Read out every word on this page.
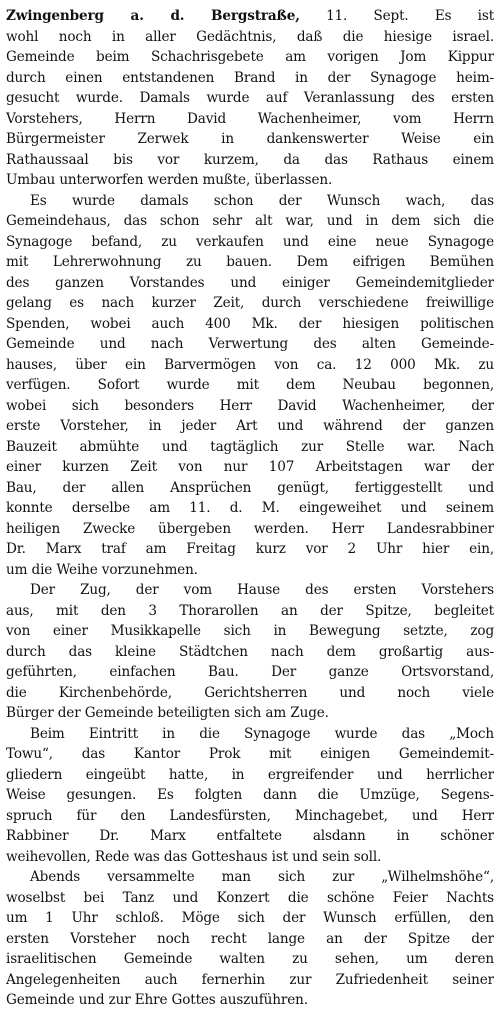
Zwingenberg a. d. Bergstraße, 11. Sept. Es ist
wohl noch in aller Gedächtnis, daß die hiesige israel.
Gemeinde beim Schachrisgebete am vorigen Jom Kippur
durch einen entstandenen Brand in der Synagoge heim-
gesucht wurde. Damals wurde auf Veranlassung des ersten
Vorstehers, Herrn David Wachenheimer, vom Herrn
Bürgermeister Zerwek in dankenswerter Weise ein
Rathaussaal bis vor kurzem, da das Rathaus einem
Umbau unterworfen werden mußte, überlassen.
Es wurde damals schon der Wunsch wach, das
Gemeindehaus, das schon sehr alt war, und in dem sich die
Synagoge befand, zu verkaufen und eine neue Synagoge
mit Lehrerwohnung zu bauen. Dem eifrigen Bemühen
des ganzen Vorstandes und einiger Gemeindemitglieder
gelang es nach kurzer Zeit, durch verschiedene freiwillige
Spenden, wobei auch 400 Mk. der hiesigen politischen
Gemeinde und nach Verwertung des alten Gemeinde-
hauses, über ein Barvermögen von ca. 12 000 Mk. zu
verfügen. Sofort wurde mit dem Neubau begonnen,
wobei sich besonders Herr David Wachenheimer, der
erste Vorsteher, in jeder Art und während der ganzen
Bauzeit abmühte und tagtäglich zur Stelle war. Nach
einer kurzen Zeit von nur 107 Arbeitstagen war der
Bau, der allen Ansprüchen genügt, fertiggestellt und
konnte derselbe am 11. d. M. eingeweihet und seinem
heiligen Zwecke übergeben werden. Herr Landesrabbiner
Dr. Marx traf am Freitag kurz vor 2 Uhr hier ein,
um die Weihe vorzunehmen.
Der Zug, der vom Hause des ersten Vorstehers
aus, mit den 3 Thorarollen an der Spitze, begleitet
von einer Musikkapelle sich in Bewegung setzte, zog
durch das kleine Städtchen nach dem großartig aus-
geführten, einfachen Bau. Der ganze Ortsvorstand,
die Kirchenbehörde, Gerichtsherren und noch viele
Bürger der Gemeinde beteiligten sich am Zuge.
Beim Eintritt in die Synagoge wurde das „Moch
Towu“, das Kantor Prok mit einigen Gemeindemit-
gliedern eingeübt hatte, in ergreifender und herrlicher
Weise gesungen. Es folgten dann die Umzüge, Segens-
spruch für den Landesfürsten, Minchagebet, und Herr
Rabbiner Dr. Marx entfaltete alsdann in schöner
weihevollen, Rede was das Gotteshaus ist und sein soll.
Abends versammelte man sich zur „Wilhelmshöhe“,
woselbst bei Tanz und Konzert die schöne Feier Nachts
um 1 Uhr schloß. Möge sich der Wunsch erfüllen, den
ersten Vorsteher noch recht lange an der Spitze der
israelitischen Gemeinde walten zu sehen, um deren
Angelegenheiten auch fernerhin zur Zufriedenheit seiner
Gemeinde und zur Ehre Gottes auszuführen.
